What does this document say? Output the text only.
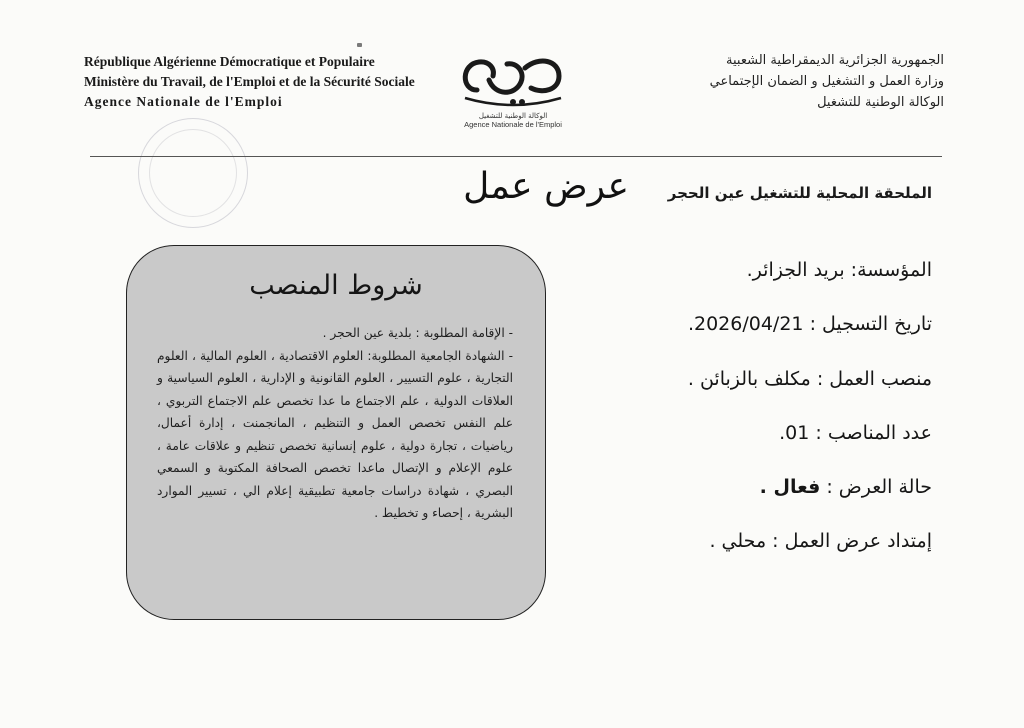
République Algérienne Démocratique et Populaire
Ministère du Travail, de l'Emploi et de la Sécurité Sociale
Agence Nationale de l'Emploi
الوكالة الوطنية للتشغيل
Agence Nationale de l'Emploi
الجمهورية الجزائرية الديمقراطية الشعبية
وزارة العمل و التشغيل و الضمان الإجتماعي
الوكالة الوطنية للتشغيل
الملحقة المحلية للتشغيل عين الحجر
عرض عمل
شروط المنصب

- الإقامة المطلوبة : بلدية عين الحجر .

- الشهادة الجامعية المطلوبة: العلوم الاقتصادية ، العلوم المالية ، العلوم التجارية ، علوم التسيير ، العلوم القانونية و الإدارية ، العلوم السياسية و العلاقات الدولية ، علم الاجتماع ما عدا تخصص علم الاجتماع التربوي ، علم النفس تخصص العمل و التنظيم ، المانجمنت ، إدارة أعمال، رياضيات ، تجارة دولية ، علوم إنسانية تخصص تنظيم و علاقات عامة ، علوم الإعلام و الإتصال ماعدا تخصص الصحافة المكتوبة و السمعي البصري ، شهادة دراسات جامعية تطبيقية إعلام الي ، تسيير الموارد البشرية ، إحصاء و تخطيط .

المؤسسة: بريد الجزائر.
تاريخ التسجيل : 2026/04/21.
منصب العمل : مكلف بالزبائن .
عدد المناصب : 01.
حالة العرض : فعال .
إمتداد عرض العمل : محلي .
